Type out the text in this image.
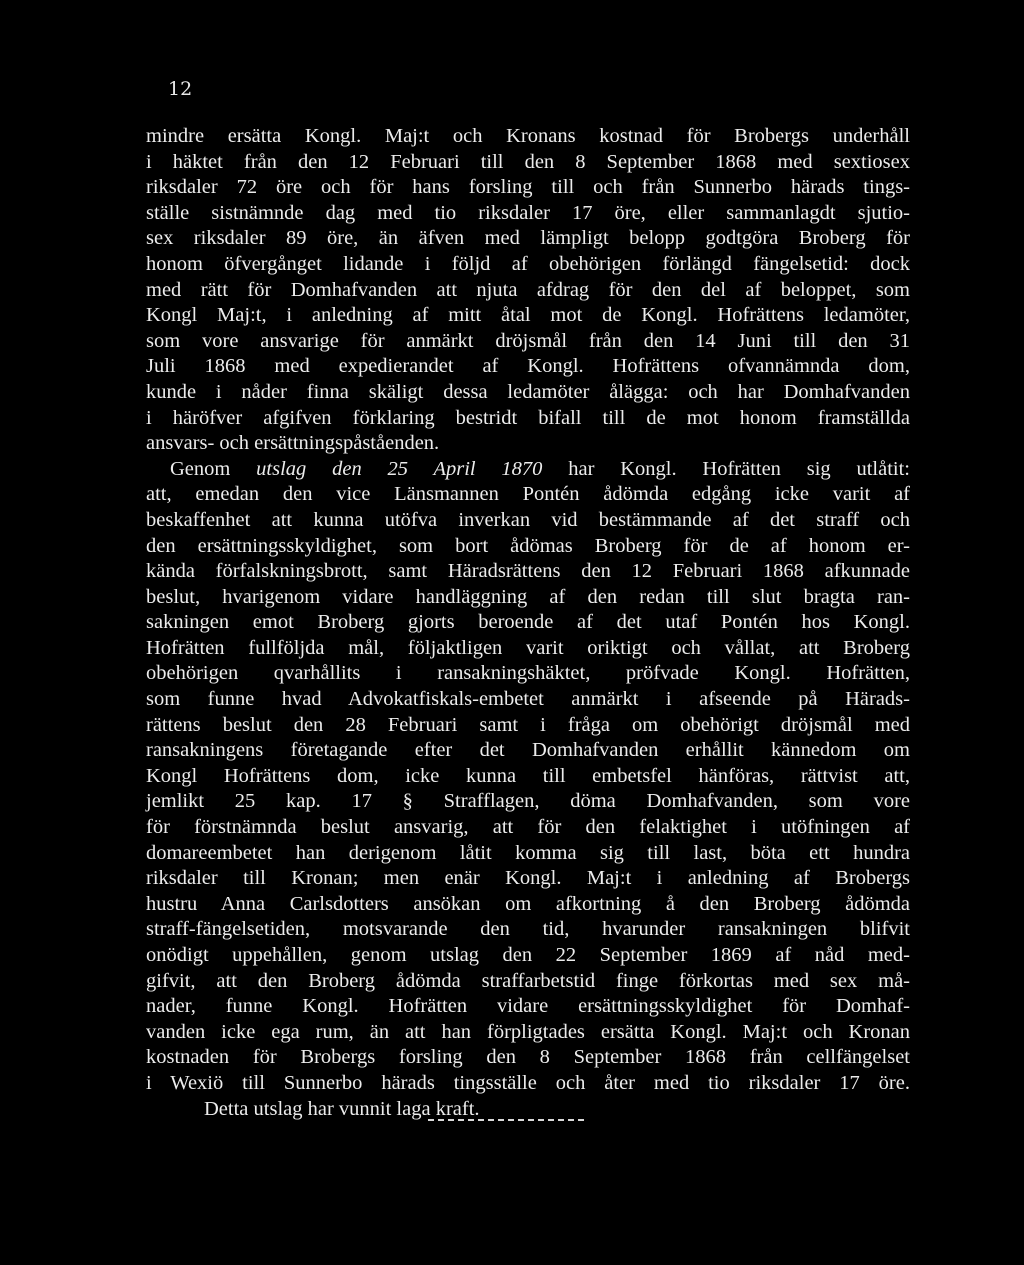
12
mindre ersätta Kongl. Maj:t och Kronans kostnad för Brobergs underhåll
i häktet från den 12 Februari till den 8 September 1868 med sextiosex
riksdaler 72 öre och för hans forsling till och från Sunnerbo härads tings-
ställe sistnämnde dag med tio riksdaler 17 öre, eller sammanlagdt sjutio-
sex riksdaler 89 öre, än äfven med lämpligt belopp godtgöra Broberg för
honom öfvergånget lidande i följd af obehörigen förlängd fängelsetid: dock
med rätt för Domhafvanden att njuta afdrag för den del af beloppet, som
Kongl Maj:t, i anledning af mitt åtal mot de Kongl. Hofrättens ledamöter,
som vore ansvarige för anmärkt dröjsmål från den 14 Juni till den 31
Juli 1868 med expedierandet af Kongl. Hofrättens ofvannämnda dom,
kunde i nåder finna skäligt dessa ledamöter ålägga: och har Domhafvanden
i häröfver afgifven förklaring bestridt bifall till de mot honom framställda
ansvars- och ersättningspåståenden.
Genom utslag den 25 April 1870 har Kongl. Hofrätten sig utlåtit:
att, emedan den vice Länsmannen Pontén ådömda edgång icke varit af
beskaffenhet att kunna utöfva inverkan vid bestämmande af det straff och
den ersättningsskyldighet, som bort ådömas Broberg för de af honom er-
kända förfalskningsbrott, samt Häradsrättens den 12 Februari 1868 afkunnade
beslut, hvarigenom vidare handläggning af den redan till slut bragta ran-
sakningen emot Broberg gjorts beroende af det utaf Pontén hos Kongl.
Hofrätten fullföljda mål, följaktligen varit oriktigt och vållat, att Broberg
obehörigen qvarhållits i ransakningshäktet, pröfvade Kongl. Hofrätten,
som funne hvad Advokatfiskals-embetet anmärkt i afseende på Härads-
rättens beslut den 28 Februari samt i fråga om obehörigt dröjsmål med
ransakningens företagande efter det Domhafvanden erhållit kännedom om
Kongl Hofrättens dom, icke kunna till embetsfel hänföras, rättvist att,
jemlikt 25 kap. 17 § Strafflagen, döma Domhafvanden, som vore
för förstnämnda beslut ansvarig, att för den felaktighet i utöfningen af
domareembetet han derigenom låtit komma sig till last, böta ett hundra
riksdaler till Kronan; men enär Kongl. Maj:t i anledning af Brobergs
hustru Anna Carlsdotters ansökan om afkortning å den Broberg ådömda
straff-fängelsetiden, motsvarande den tid, hvarunder ransakningen blifvit
onödigt uppehållen, genom utslag den 22 September 1869 af nåd med-
gifvit, att den Broberg ådömda straffarbetstid finge förkortas med sex må-
nader, funne Kongl. Hofrätten vidare ersättningsskyldighet för Domhaf-
vanden icke ega rum, än att han förpligtades ersätta Kongl. Maj:t och Kronan
kostnaden för Brobergs forsling den 8 September 1868 från cellfängelset
i Wexiö till Sunnerbo härads tingsställe och åter med tio riksdaler 17 öre.
Detta utslag har vunnit laga kraft.
